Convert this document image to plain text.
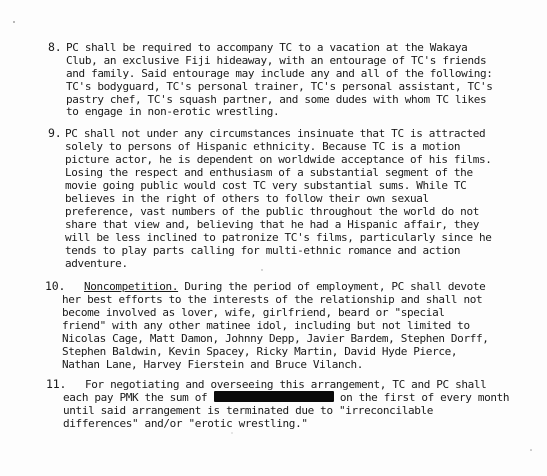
8. PC shall be required to accompany TC to a vacation at the Wakaya
Club, an exclusive Fiji hideaway, with an entourage of TC's friends
and family. Said entourage may include any and all of the following:
TC's bodyguard, TC's personal trainer, TC's personal assistant, TC's
pastry chef, TC's squash partner, and some dudes with whom TC likes
to engage in non-erotic wrestling.
9. PC shall not under any circumstances insinuate that TC is attracted
solely to persons of Hispanic ethnicity. Because TC is a motion
picture actor, he is dependent on worldwide acceptance of his films.
Losing the respect and enthusiasm of a substantial segment of the
movie going public would cost TC very substantial sums. While TC
believes in the right of others to follow their own sexual
preference, vast numbers of the public throughout the world do not
share that view and, believing that he had a Hispanic affair, they
will be less inclined to patronize TC's films, particularly since he
tends to play parts calling for multi-ethnic romance and action
adventure.
10. Noncompetition. During the period of employment, PC shall devote
her best efforts to the interests of the relationship and shall not
become involved as lover, wife, girlfriend, beard or "special
friend" with any other matinee idol, including but not limited to
Nicolas Cage, Matt Damon, Johnny Depp, Javier Bardem, Stephen Dorff,
Stephen Baldwin, Kevin Spacey, Ricky Martin, David Hyde Pierce,
Nathan Lane, Harvey Fierstein and Bruce Vilanch.
11. For negotiating and overseeing this arrangement, TC and PC shall
each pay PMK the sum of	on the first of every month
until said arrangement is terminated due to "irreconcilable
differences" and/or "erotic wrestling."
